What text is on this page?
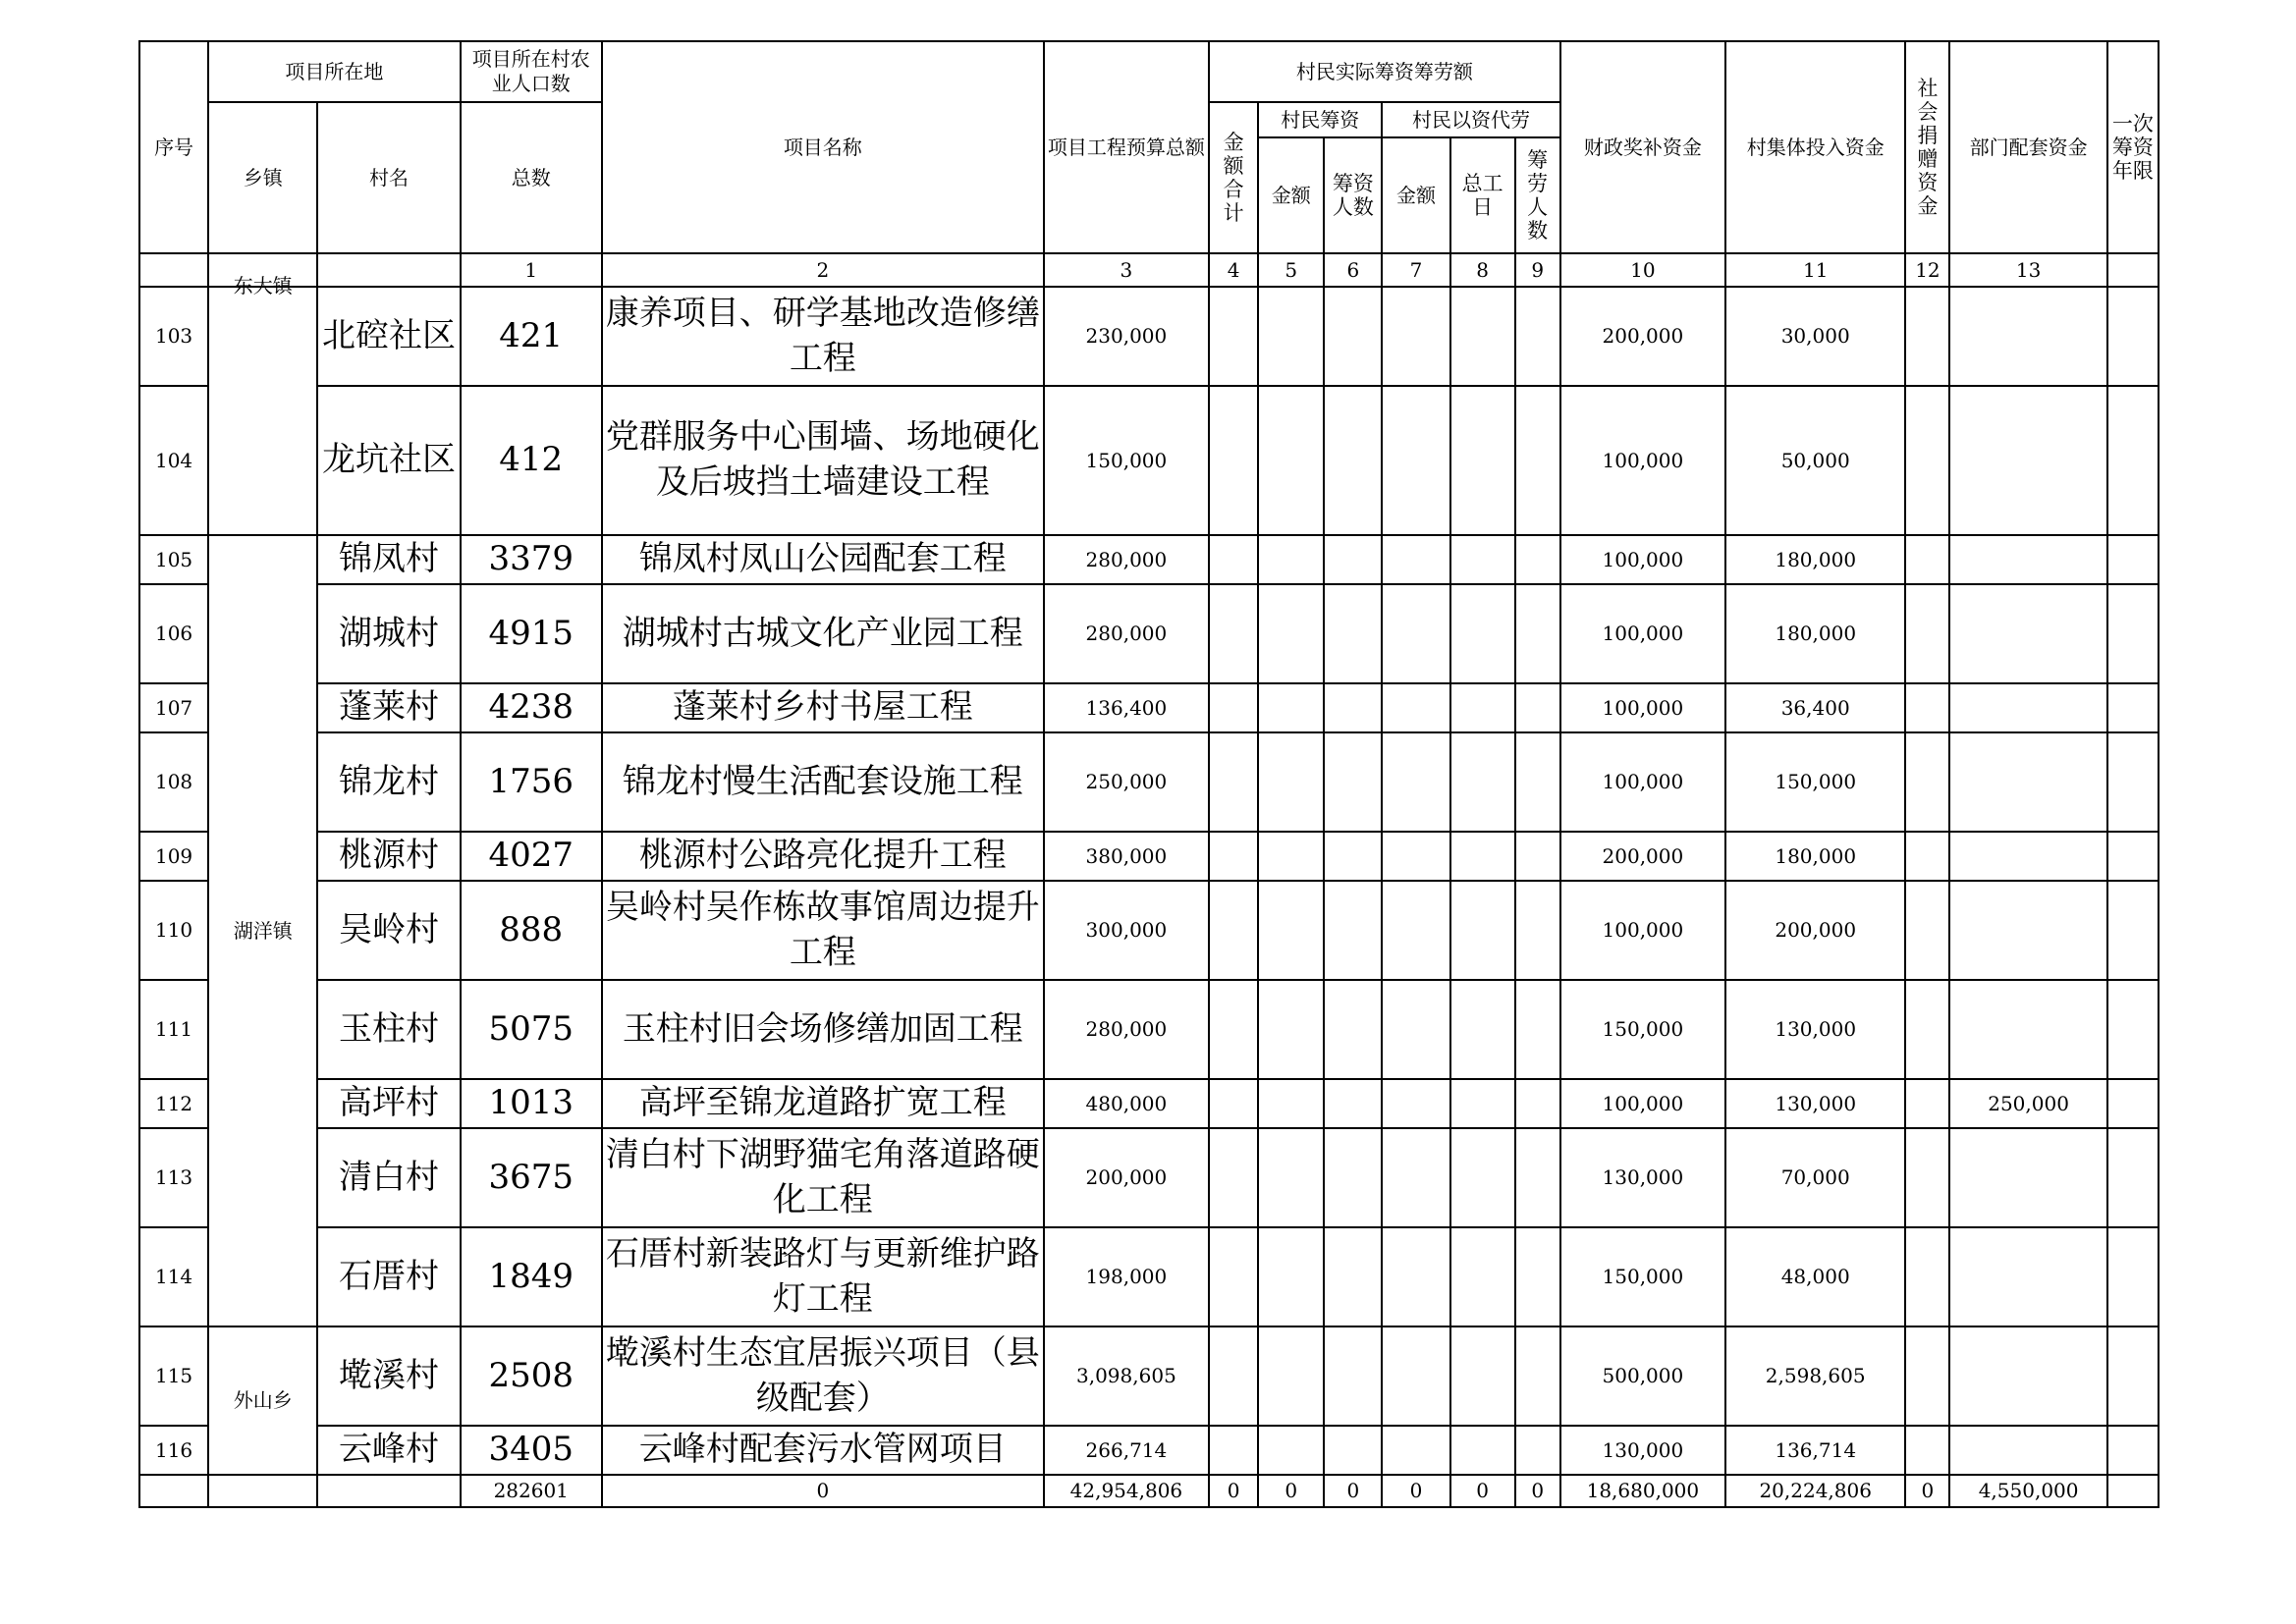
序号	项目所在地		项目所在村农业人口数	项目名称	项目工程预算总额	村民实际筹资筹劳额						财政奖补资金	村集体投入资金	社会捐赠资金	部门配套资金	一次筹资年限
	乡镇	村名	总数			金额合计	村民筹资		村民以资代劳							
							金额	筹资人数	金额	总工日	筹劳人数					
			1	2	3	4	5	6	7	8	9	10	11	12	13	
103	东大镇	北硿社区	421	康养项目、研学基地改造修缮工程	230,000							200,000	30,000			
104		龙坑社区	412	党群服务中心围墙、场地硬化及后坡挡土墙建设工程	150,000							100,000	50,000			
105	湖洋镇	锦凤村	3379	锦凤村凤山公园配套工程	280,000							100,000	180,000			
106		湖城村	4915	湖城村古城文化产业园工程	280,000							100,000	180,000			
107		蓬莱村	4238	蓬莱村乡村书屋工程	136,400							100,000	36,400			
108		锦龙村	1756	锦龙村慢生活配套设施工程	250,000							100,000	150,000			
109		桃源村	4027	桃源村公路亮化提升工程	380,000							200,000	180,000			
110		吴岭村	888	吴岭村吴作栋故事馆周边提升工程	300,000							100,000	200,000			
111		玉柱村	5075	玉柱村旧会场修缮加固工程	280,000							150,000	130,000			
112		高坪村	1013	高坪至锦龙道路扩宽工程	480,000							100,000	130,000		250,000	
113		清白村	3675	清白村下湖野猫宅角落道路硬化工程	200,000							130,000	70,000			
114		石厝村	1849	石厝村新装路灯与更新维护路灯工程	198,000							150,000	48,000			
115	外山乡	墘溪村	2508	墘溪村生态宜居振兴项目（县级配套）	3,098,605							500,000	2,598,605			
116		云峰村	3405	云峰村配套污水管网项目	266,714							130,000	136,714			
			282601	0	42,954,806	0	0	0	0	0	0	18,680,000	20,224,806	0	4,550,000	
